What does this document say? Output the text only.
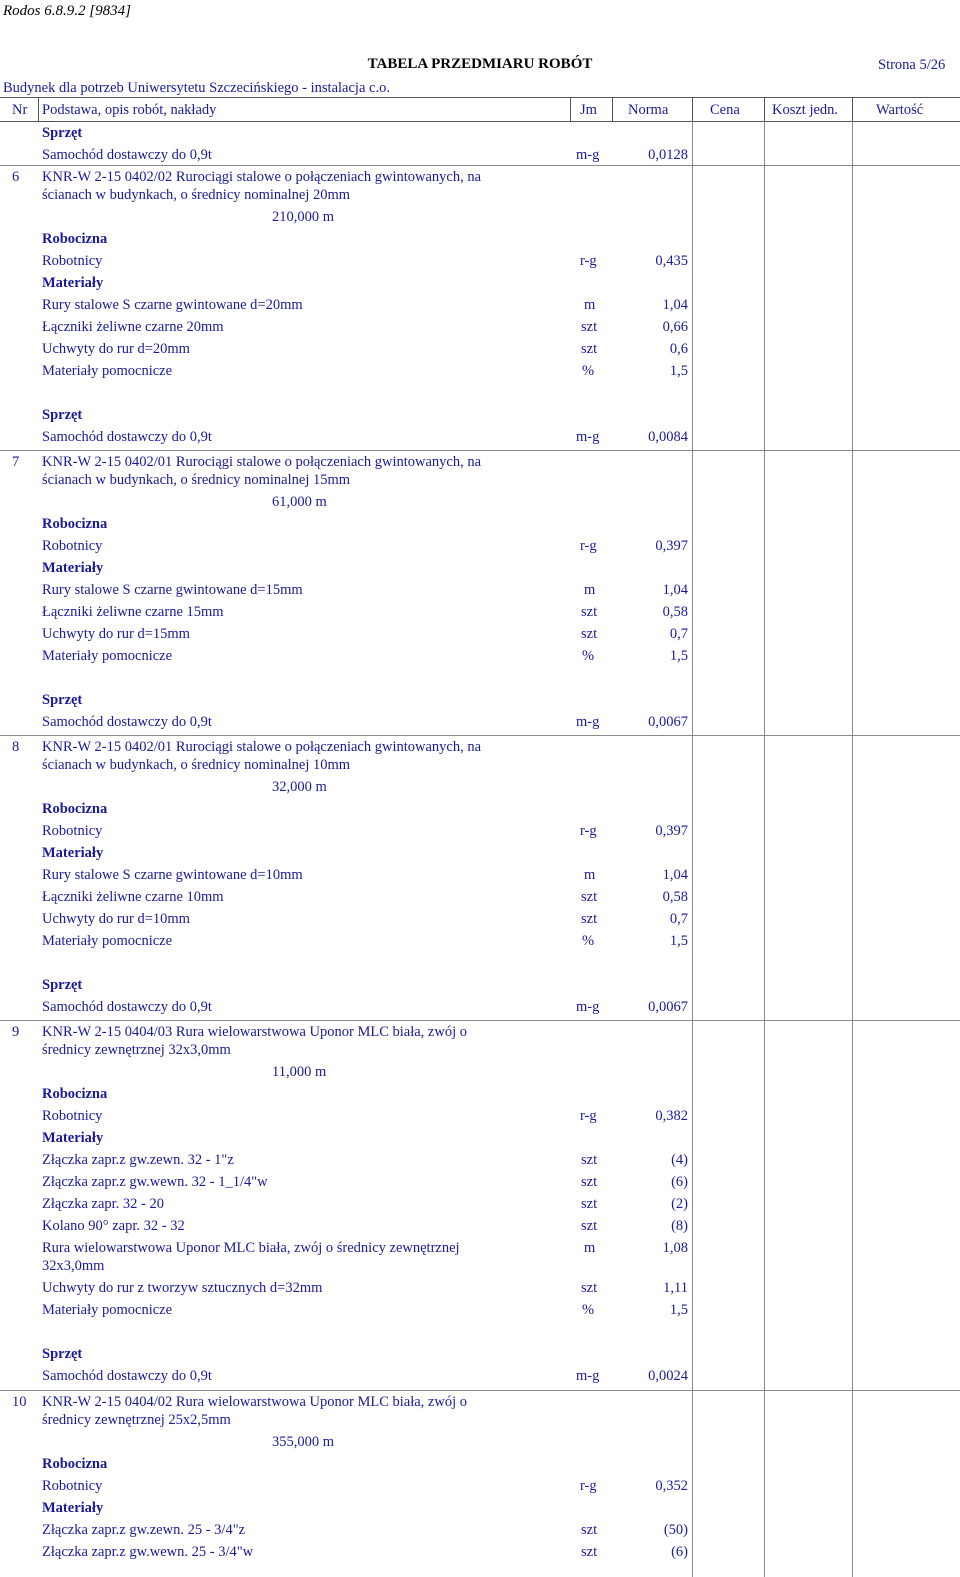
Rodos 6.8.9.2 [9834]
TABELA PRZEDMIARU ROBÓT	Strona 5/26
Budynek dla potrzeb Uniwersytetu Szczecińskiego - instalacja c.o.
Nr Podstawa, opis robót, nakłady	Jm Norma	Cena Koszt jedn.	Wartość
Sprzęt
Samochód dostawczy do 0,9t	m-g	0,0128
6 KNR-W 2-15 0402/02 Rurociągi stalowe o połączeniach gwintowanych, na
ścianach w budynkach, o średnicy nominalnej 20mm
210,000 m
Robocizna
Robotnicy	r-g	0,435
Materiały
Rury stalowe S czarne gwintowane d=20mm	m	1,04
Łączniki żeliwne czarne 20mm	szt	0,66
Uchwyty do rur d=20mm	szt	0,6
Materiały pomocnicze	%	1,5
Sprzęt
Samochód dostawczy do 0,9t	m-g	0,0084
7 KNR-W 2-15 0402/01 Rurociągi stalowe o połączeniach gwintowanych, na
ścianach w budynkach, o średnicy nominalnej 15mm
61,000 m
Robocizna
Robotnicy	r-g	0,397
Materiały
Rury stalowe S czarne gwintowane d=15mm	m	1,04
Łączniki żeliwne czarne 15mm	szt	0,58
Uchwyty do rur d=15mm	szt	0,7
Materiały pomocnicze	%	1,5
Sprzęt
Samochód dostawczy do 0,9t	m-g	0,0067
8 KNR-W 2-15 0402/01 Rurociągi stalowe o połączeniach gwintowanych, na
ścianach w budynkach, o średnicy nominalnej 10mm
32,000 m
Robocizna
Robotnicy	r-g	0,397
Materiały
Rury stalowe S czarne gwintowane d=10mm	m	1,04
Łączniki żeliwne czarne 10mm	szt	0,58
Uchwyty do rur d=10mm	szt	0,7
Materiały pomocnicze	%	1,5
Sprzęt
Samochód dostawczy do 0,9t	m-g	0,0067
9 KNR-W 2-15 0404/03 Rura wielowarstwowa Uponor MLC biała, zwój o
średnicy zewnętrznej 32x3,0mm
11,000 m
Robocizna
Robotnicy	r-g	0,382
Materiały
Złączka zapr.z gw.zewn. 32 - 1"z	szt	(4)
Złączka zapr.z gw.wewn. 32 - 1_1/4"w	szt	(6)
Złączka zapr. 32 - 20	szt	(2)
Kolano 90° zapr. 32 - 32	szt	(8)
Rura wielowarstwowa Uponor MLC biała, zwój o średnicy zewnętrznej	m	1,08
32x3,0mm
Uchwyty do rur z tworzyw sztucznych d=32mm	szt	1,11
Materiały pomocnicze	%	1,5
Sprzęt
Samochód dostawczy do 0,9t	m-g	0,0024
10 KNR-W 2-15 0404/02 Rura wielowarstwowa Uponor MLC biała, zwój o
średnicy zewnętrznej 25x2,5mm
355,000 m
Robocizna
Robotnicy	r-g	0,352
Materiały
Złączka zapr.z gw.zewn. 25 - 3/4"z	szt	(50)
Złączka zapr.z gw.wewn. 25 - 3/4"w	szt	(6)
